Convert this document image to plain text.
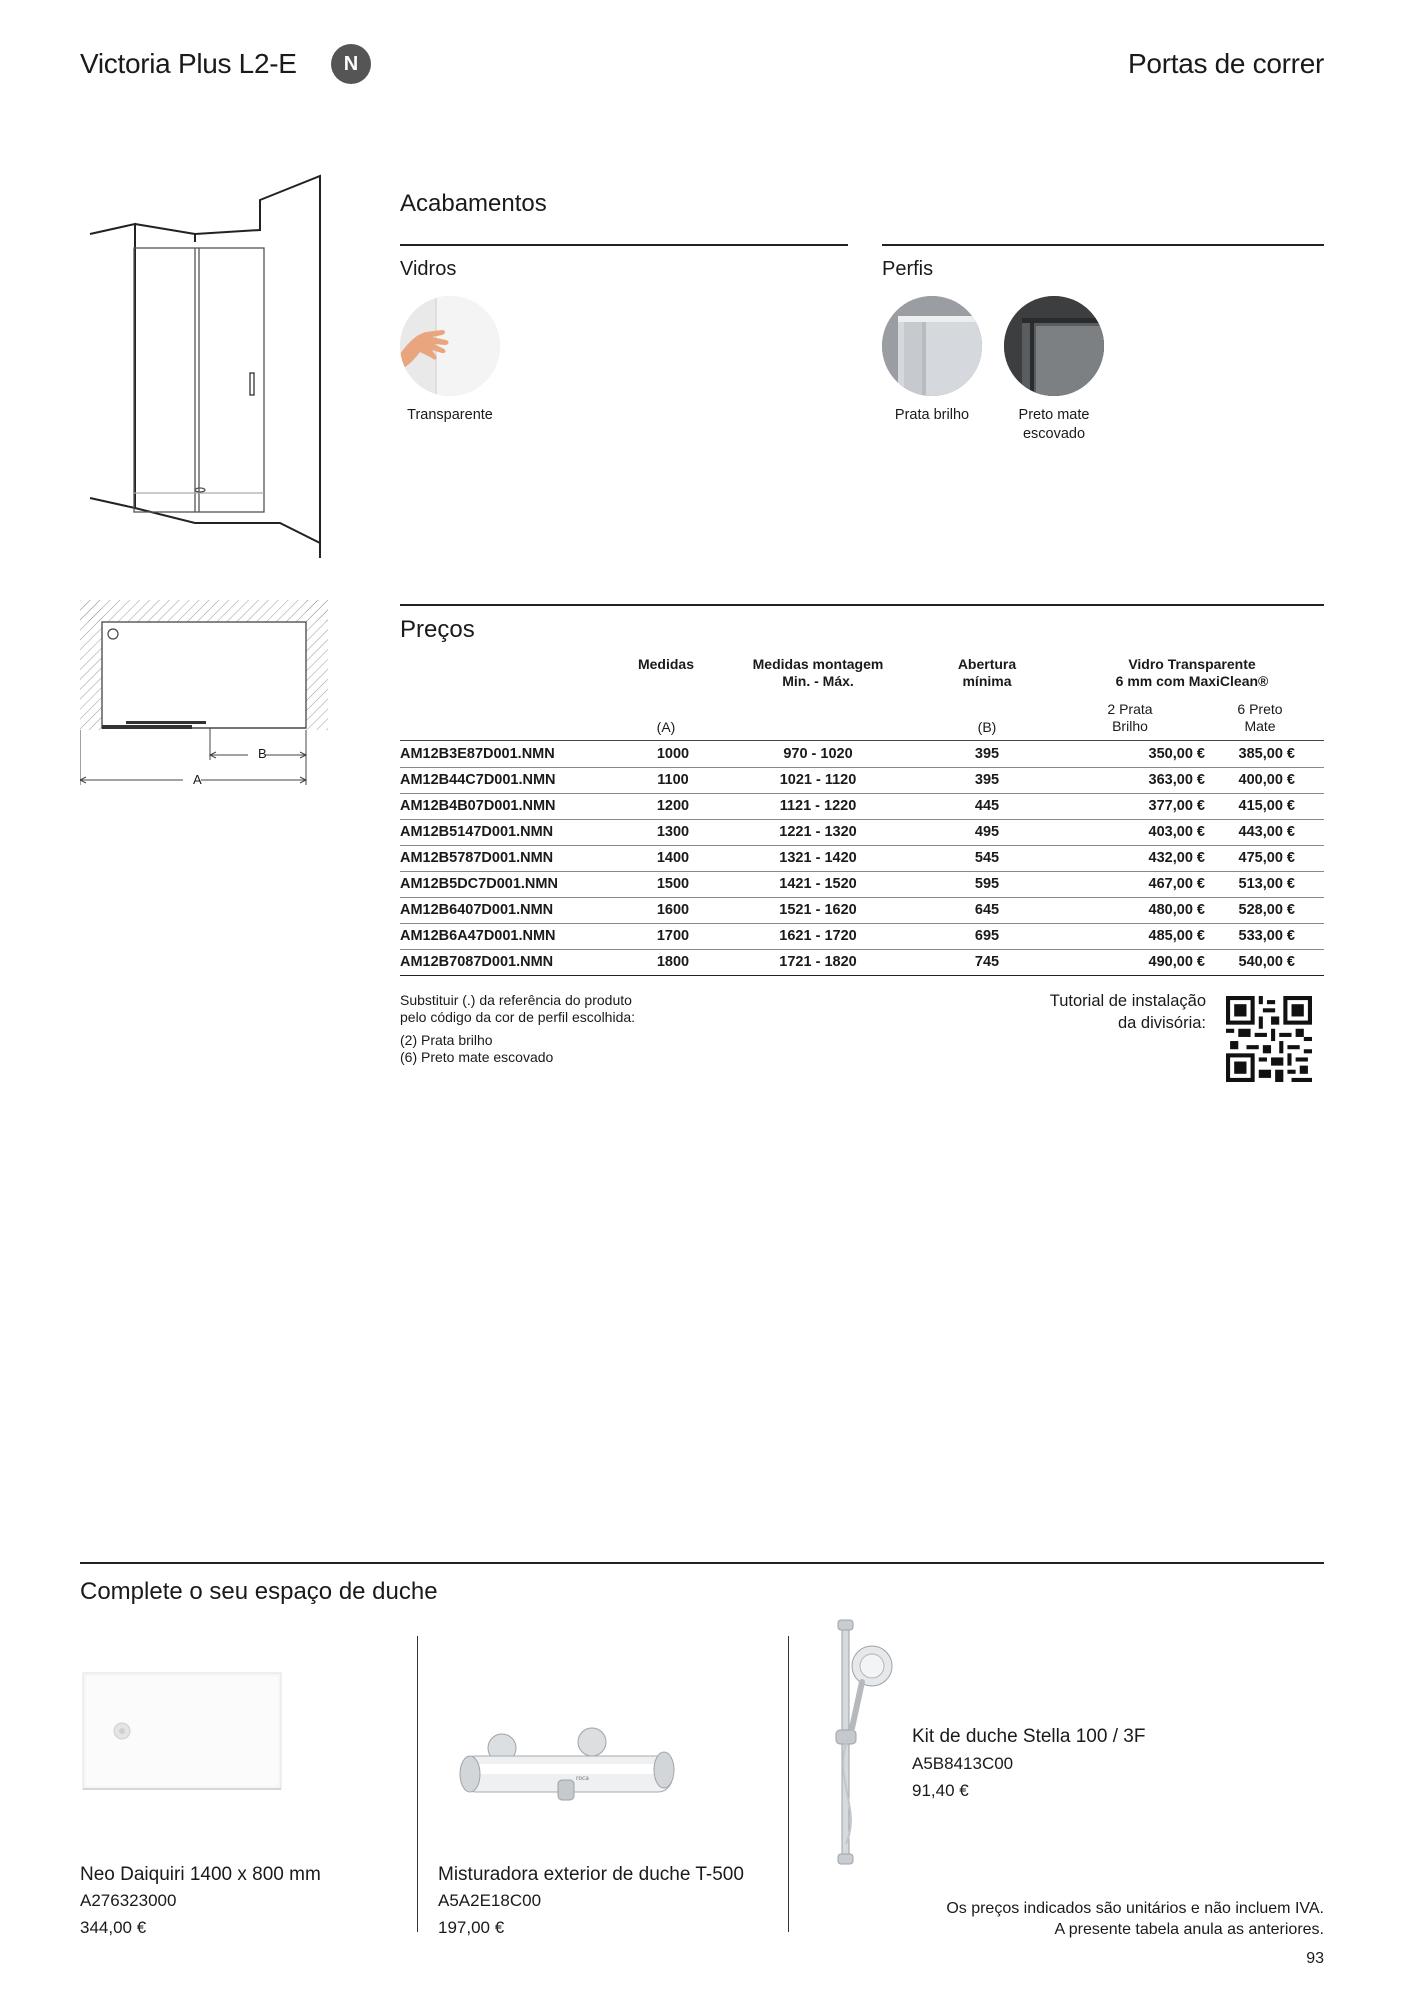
Victoria Plus L2-E	N	Portas de correr
B
A
Acabamentos
Vidros	Perfis
Transparente	Prata brilho	Preto mate
escovado
Preços
Medidas
(A)
Medidas montagem
Min. - Máx.
Abertura
mínima
(B)
Vidro Transparente
6 mm com MaxiClean®
2 Prata
Brilho
6 Preto
Mate
AM12B3E87D001.NMN	1000	970 - 1020	395	350,00 €	385,00 €
AM12B44C7D001.NMN	1100	1021 - 1120	395	363,00 €	400,00 €
AM12B4B07D001.NMN	1200	1121 - 1220	445	377,00 €	415,00 €
AM12B5147D001.NMN	1300	1221 - 1320	495	403,00 €	443,00 €
AM12B5787D001.NMN	1400	1321 - 1420	545	432,00 €	475,00 €
AM12B5DC7D001.NMN	1500	1421 - 1520	595	467,00 €	513,00 €
AM12B6407D001.NMN	1600	1521 - 1620	645	480,00 €	528,00 €
AM12B6A47D001.NMN	1700	1621 - 1720	695	485,00 €	533,00 €
AM12B7087D001.NMN	1800	1721 - 1820	745	490,00 €	540,00 €
Substituir (.) da referência do produto
pelo código da cor de perfil escolhida:
(2) Prata brilho
(6) Preto mate escovado
Tutorial de instalação
da divisória:
Complete o seu espaço de duche
Neo Daiquiri 1400 x 800 mm
A276323000
344,00 €
roca
Misturadora exterior de duche T-500
A5A2E18C00
197,00 €
Kit de duche Stella 100 / 3F
A5B8413C00
91,40 €
Os preços indicados são unitários e não incluem IVA.
A presente tabela anula as anteriores.
93
